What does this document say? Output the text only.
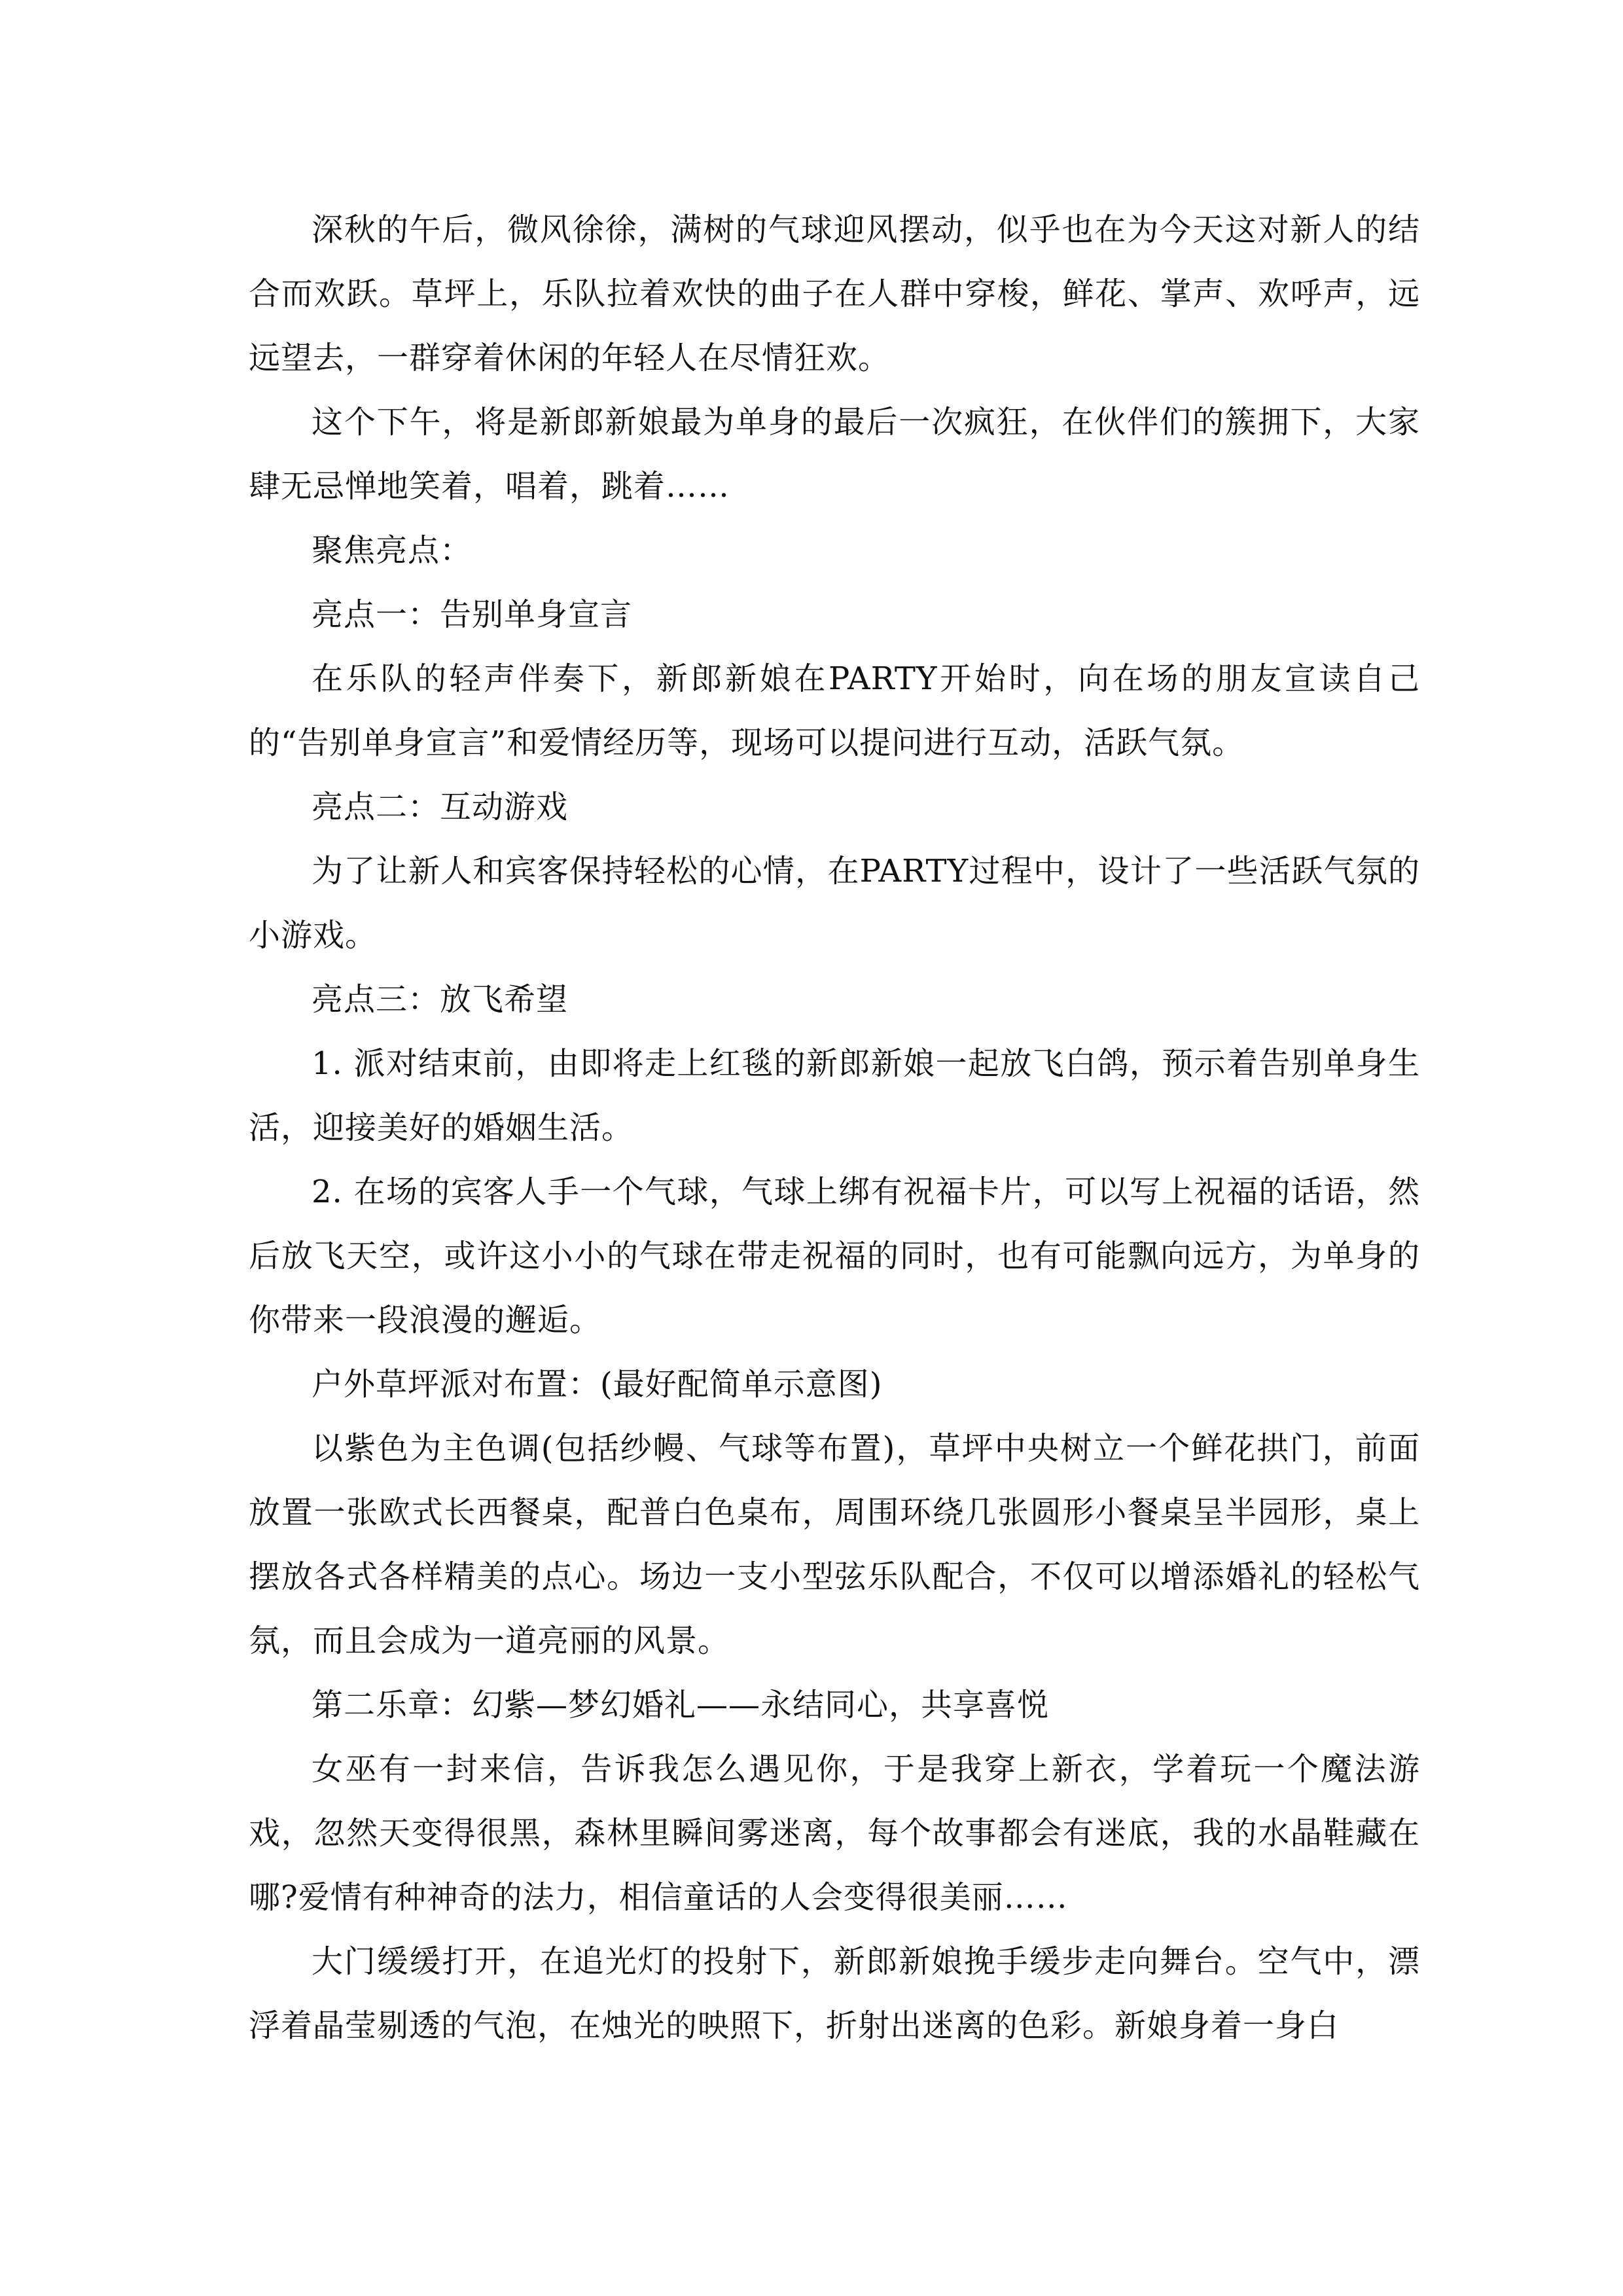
深秋的午后，微风徐徐，满树的气球迎风摆动，似乎也在为今天这对新人的结合而欢跃。草坪上，乐队拉着欢快的曲子在人群中穿梭，鲜花、掌声、欢呼声，远远望去，一群穿着休闲的年轻人在尽情狂欢。

这个下午，将是新郎新娘最为单身的最后一次疯狂，在伙伴们的簇拥下，大家肆无忌惮地笑着，唱着，跳着……

聚焦亮点：

亮点一：告别单身宣言

在乐队的轻声伴奏下，新郎新娘在PARTY开始时，向在场的朋友宣读自己的“告别单身宣言”和爱情经历等，现场可以提问进行互动，活跃气氛。

亮点二：互动游戏

为了让新人和宾客保持轻松的心情，在PARTY过程中，设计了一些活跃气氛的小游戏。

亮点三：放飞希望

1. 派对结束前，由即将走上红毯的新郎新娘一起放飞白鸽，预示着告别单身生活，迎接美好的婚姻生活。

2. 在场的宾客人手一个气球，气球上绑有祝福卡片，可以写上祝福的话语，然后放飞天空，或许这小小的气球在带走祝福的同时，也有可能飘向远方，为单身的你带来一段浪漫的邂逅。

户外草坪派对布置：(最好配简单示意图)

以紫色为主色调(包括纱幔、气球等布置)，草坪中央树立一个鲜花拱门，前面放置一张欧式长西餐桌，配普白色桌布，周围环绕几张圆形小餐桌呈半园形，桌上摆放各式各样精美的点心。场边一支小型弦乐队配合，不仅可以增添婚礼的轻松气氛，而且会成为一道亮丽的风景。

第二乐章：幻紫—梦幻婚礼——永结同心，共享喜悦

女巫有一封来信，告诉我怎么遇见你，于是我穿上新衣，学着玩一个魔法游戏，忽然天变得很黑，森林里瞬间雾迷离，每个故事都会有迷底，我的水晶鞋藏在哪?爱情有种神奇的法力，相信童话的人会变得很美丽……

大门缓缓打开，在追光灯的投射下，新郎新娘挽手缓步走向舞台。空气中，漂浮着晶莹剔透的气泡，在烛光的映照下，折射出迷离的色彩。新娘身着一身白
